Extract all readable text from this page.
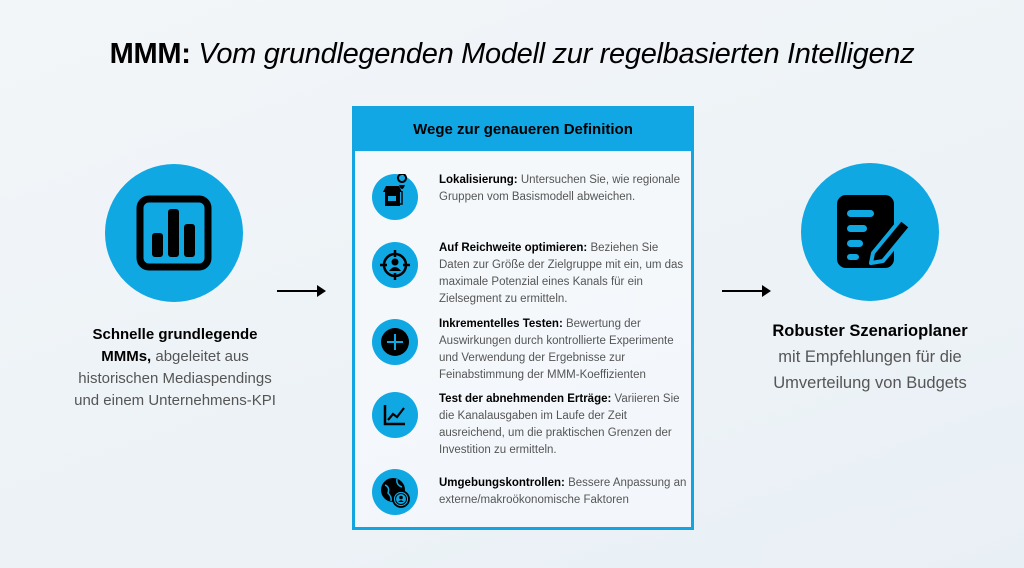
MMM: Vom grundlegenden Modell zur regelbasierten Intelligenz
Schnelle grundlegende MMMs, abgeleitet aus historischen Mediaspendings und einem Unternehmens-KPI
Wege zur genaueren Definition
Lokalisierung: Untersuchen Sie, wie regionale Gruppen vom Basismodell abweichen.
Auf Reichweite optimieren: Beziehen Sie Daten zur Größe der Zielgruppe mit ein, um das maximale Potenzial eines Kanals für ein Zielsegment zu ermitteln.
Inkrementelles Testen: Bewertung der Auswirkungen durch kontrollierte Experimente und Verwendung der Ergebnisse zur Feinabstimmung der MMM-Koeffizienten
Test der abnehmenden Erträge: Variieren Sie die Kanalausgaben im Laufe der Zeit ausreichend, um die praktischen Grenzen der Investition zu ermitteln.
Umgebungskontrollen: Bessere Anpassung an externe/makroökonomische Faktoren
Robuster Szenarioplaner mit Empfehlungen für die Umverteilung von Budgets
